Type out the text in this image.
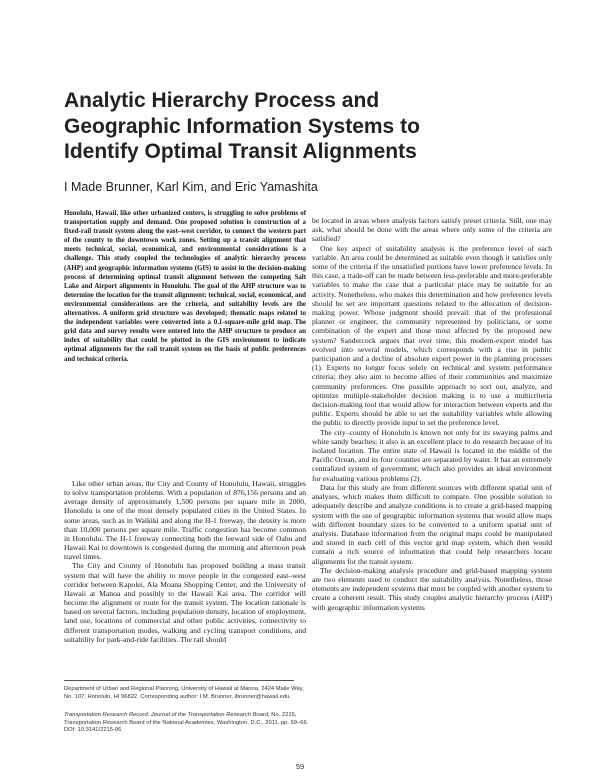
Analytic Hierarchy Process and
Geographic Information Systems to
Identify Optimal Transit Alignments
I Made Brunner, Karl Kim, and Eric Yamashita

Honolulu, Hawaii, like other urbanized centers, is struggling to solve problems of transportation supply and demand. One proposed solution is construction of a fixed-rail transit system along the east–west corridor, to connect the western part of the county to the downtown work zones. Setting up a transit alignment that meets technical, social, economical, and environmental considerations is a challenge. This study coupled the technologies of analytic hierarchy process (AHP) and geographic information systems (GIS) to assist in the decision-making process of determining optimal transit alignment between the competing Salt Lake and Airport alignments in Honolulu. The goal of the AHP structure was to determine the location for the transit alignment: technical, social, economical, and environmental considerations are the criteria, and suitability levels are the alternatives. A uniform grid structure was developed; thematic maps related to the independent variables were converted into a 0.1-square-mile grid map. The grid data and survey results were entered into the AHP structure to produce an index of suitability that could be plotted in the GIS environment to indicate optimal alignments for the rail transit system on the basis of public preferences and technical criteria.

Like other urban areas, the City and County of Honolulu, Hawaii, struggles to solve transportation problems. With a population of 876,156 persons and an average density of approximately 1,500 persons per square mile in 2000, Honolulu is one of the most densely populated cities in the United States. In some areas, such as in Waikiki and along the H-1 freeway, the density is more than 10,000 persons per square mile. Traffic congestion has become common in Honolulu. The H-1 freeway connecting both the leeward side of Oahu and Hawaii Kai to downtown is congested during the morning and afternoon peak travel times.

The City and County of Honolulu has proposed building a mass transit system that will have the ability to move people in the congested east–west corridor between Kapolei, Ala Moana Shopping Center, and the University of Hawaii at Manoa and possibly to the Hawaii Kai area. The corridor will become the alignment or route for the transit system. The location rationale is based on several factors, including population density, location of employment, land use, locations of commercial and other public activities, connectivity to different transportation modes, walking and cycling transport conditions, and suitability for park-and-ride facilities. The rail should

Department of Urban and Regional Planning, University of Hawaii at Manoa, 2424 Maile Way, No. 107, Honolulu, HI 96822. Corresponding author: I M. Brunner, ibrunner@hawaii.edu.

Transportation Research Record: Journal of the Transportation Research Board, No. 2215, Transportation Research Board of the National Academies, Washington, D.C., 2011, pp. 59–66.

DOI: 10.3141/2215-06

be located in areas where analysis factors satisfy preset criteria. Still, one may ask, what should be done with the areas where only some of the criteria are satisfied?

One key aspect of suitability analysis is the preference level of each variable. An area could be determined as suitable even though it satisfies only some of the criteria if the unsatisfied portions have lower preference levels. In this case, a trade-off can be made between less-preferable and more-preferable variables to make the case that a particular place may be suitable for an activity. Nonetheless, who makes this determination and how preference levels should be set are important questions related to the allocation of decision-making power. Whose judgment should prevail: that of the professional planner or engineer, the community represented by politicians, or some combination of the expert and those most affected by the proposed new system? Sandercock argues that over time, this modern-expert model has evolved into several models, which corresponds with a rise in public participation and a decline of absolute expert power in the planning processes (1). Experts no longer focus solely on technical and system performance criteria; they also aim to become allies of their communities and maximize community preferences. One possible approach to sort out, analyze, and optimize multiple-stakeholder decision making is to use a multicriteria decision-making tool that would allow for interaction between experts and the public. Experts should be able to set the suitability variables while allowing the public to directly provide input to set the preference level.

The city–county of Honolulu is known not only for its swaying palms and white sandy beaches; it also is an excellent place to do research because of its isolated location. The entire state of Hawaii is located in the middle of the Pacific Ocean, and its four counties are separated by water. It has an extremely centralized system of government, which also provides an ideal environment for evaluating various problems (2).

Data for this study are from different sources with different spatial unit of analyses, which makes them difficult to compare. One possible solution to adequately describe and analyze conditions is to create a grid-based mapping system with the use of geographic information systems that would allow maps with different boundary sizes to be converted to a uniform spatial unit of analysis. Database information from the original maps could be manipulated and stored in each cell of this vector grid map system, which then would contain a rich source of information that could help researchers locate alignments for the transit system.

The decision-making analysis procedure and grid-based mapping system are two elements used to conduct the suitability analysis. Nonetheless, those elements are independent systems that must be coupled with another system to create a coherent result. This study couples analytic hierarchy process (AHP) with geographic information systems

59
